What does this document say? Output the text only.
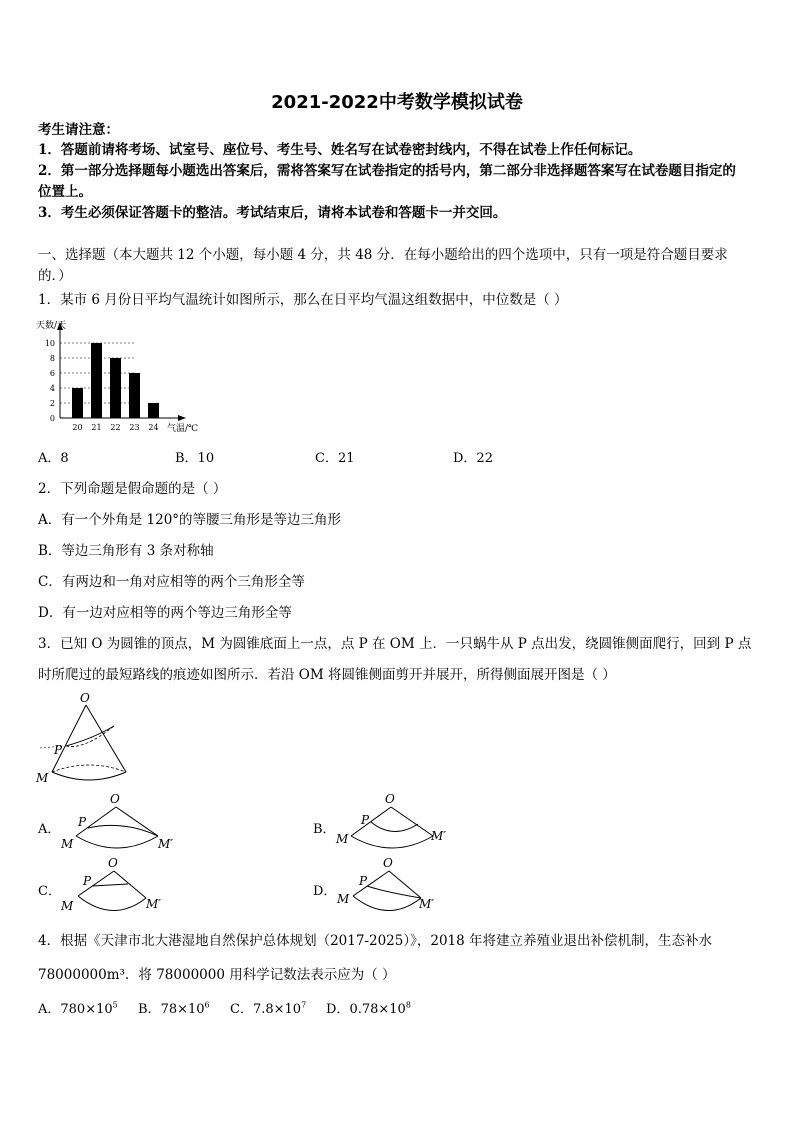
2021-2022中考数学模拟试卷
考生请注意：
1．答题前请将考场、试室号、座位号、考生号、姓名写在试卷密封线内，不得在试卷上作任何标记。
2．第一部分选择题每小题选出答案后，需将答案写在试卷指定的括号内，第二部分非选择题答案写在试卷题目指定的
位置上。
3．考生必须保证答题卡的整洁。考试结束后，请将本试卷和答题卡一并交回。
一、选择题（本大题共 12 个小题，每小题 4 分，共 48 分．在每小题给出的四个选项中，只有一项是符合题目要求
的．）
1．某市 6 月份日平均气温统计如图所示，那么在日平均气温这组数据中，中位数是（ ）
天数/天
气温/℃
0
2
4
6
8
10
20 21 22 23 24
A．8	B．10	C．21	D．22
2．下列命题是假命题的是（ ）
A．有一个外角是 120°的等腰三角形是等边三角形
B．等边三角形有 3 条对称轴
C．有两边和一角对应相等的两个三角形全等
D．有一边对应相等的两个等边三角形全等
3．已知 O 为圆锥的顶点，M 为圆锥底面上一点，点 P 在 OM 上．一只蜗牛从 P 点出发，绕圆锥侧面爬行，回到 P 点
时所爬过的最短路线的痕迹如图所示．若沿 OM 将圆锥侧面剪开并展开，所得侧面展开图是（ ）
O
P
M
A．
O
P
M	M′
B．
O
P
M	M′
C．
O
P
M	M′
D．
O
P
M	M′
4．根据《天津市北大港湿地自然保护总体规划（2017-2025）》，2018 年将建立养殖业退出补偿机制，生态补水
78000000m³．将 78000000 用科学记数法表示应为（ ）
A．$780\times 10^5$ B．$78\times 10^6$ C．$7.8\times 10^7$ D．$0.78\times 10^8$
